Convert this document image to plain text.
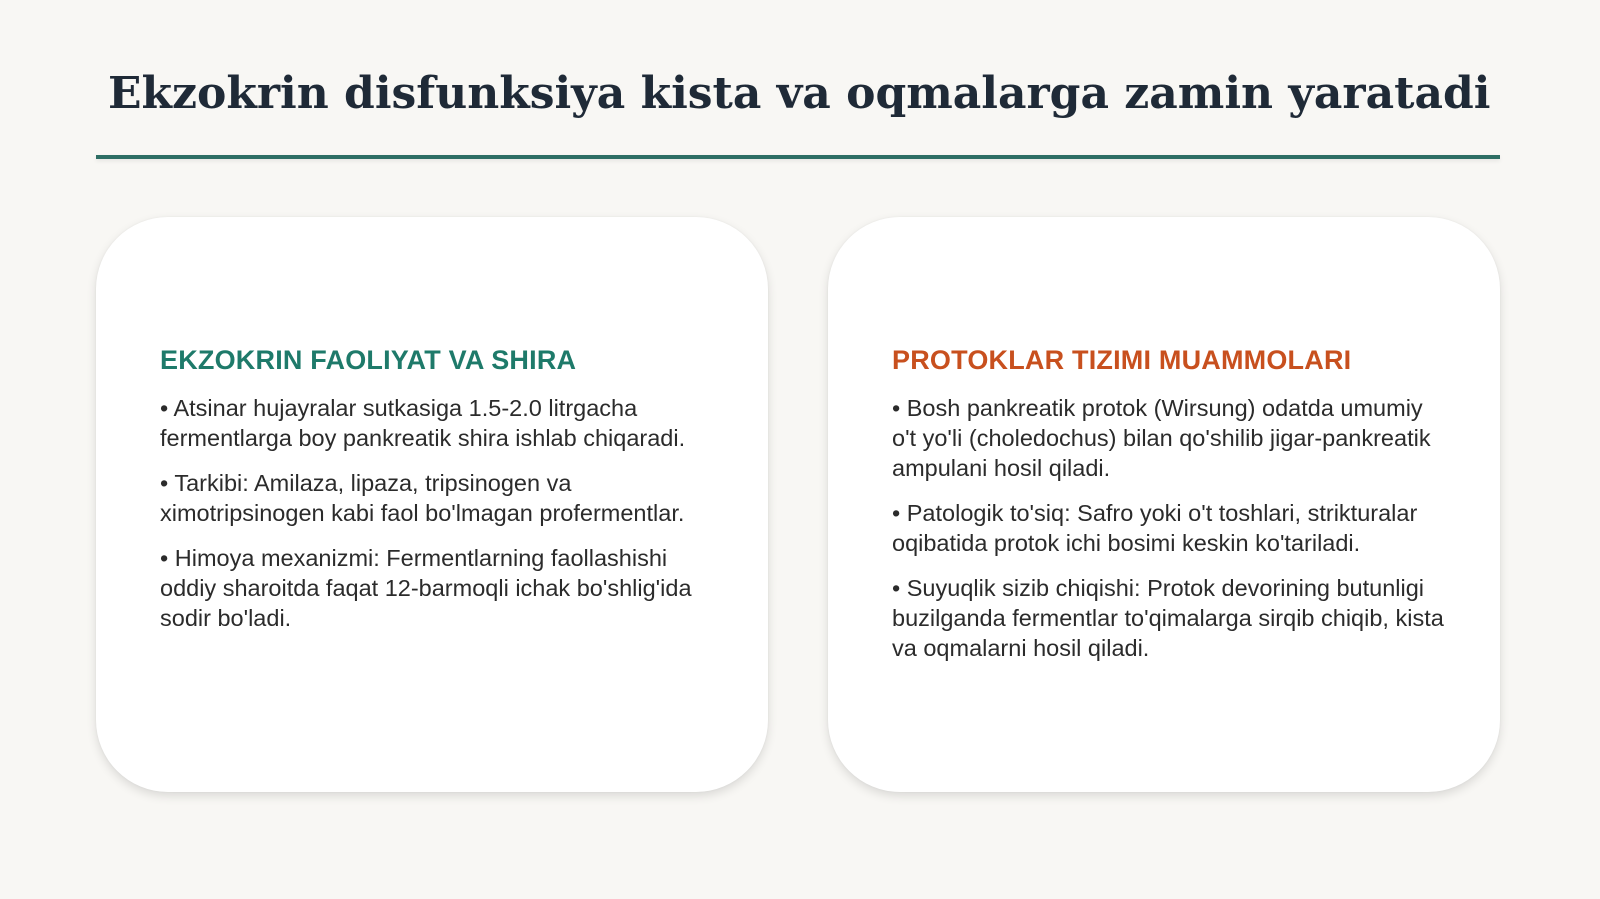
Ekzokrin disfunksiya kista va oqmalarga zamin yaratadi
EKZOKRIN FAOLIYAT VA SHIRA

• Atsinar hujayralar sutkasiga 1.5-2.0 litrgacha fermentlarga boy pankreatik shira ishlab chiqaradi.

• Tarkibi: Amilaza, lipaza, tripsinogen va ximotripsinogen kabi faol bo'lmagan profermentlar.

• Himoya mexanizmi: Fermentlarning faollashishi oddiy sharoitda faqat 12-barmoqli ichak bo'shlig'ida sodir bo'ladi.

PROTOKLAR TIZIMI MUAMMOLARI

• Bosh pankreatik protok (Wirsung) odatda umumiy o't yo'li (choledochus) bilan qo'shilib jigar-pankreatik ampulani hosil qiladi.

• Patologik to'siq: Safro yoki o't toshlari, strikturalar oqibatida protok ichi bosimi keskin ko'tariladi.

• Suyuqlik sizib chiqishi: Protok devorining butunligi buzilganda fermentlar to'qimalarga sirqib chiqib, kista va oqmalarni hosil qiladi.
